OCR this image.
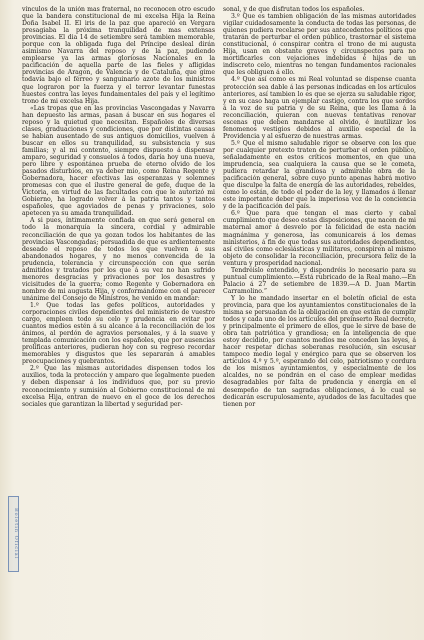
Boletín Oficial

vínculos de la unión mas fraternal, no reconocen otro escudo que la bandera constitucional de mi excelsa Hija la Reina Doña Isabel II. El iris de la paz que apareció en Vergara presagiaba la próxima tranquilidad de mas extensas provincias. El dia 14 de setiembre será tambien memorable, porque con la obligada fuga del Príncipe desleal dirán asimismo Navarra del reposo y de la paz, pudiendo emplearse ya las armas gloriosas Nacionales en la pacificación de aquella parte de las fieles y afligidas provincias de Aragon, de Valencia y de Cataluña, que gime todavía bajo el férreo y sanguinario azote de los ministros que lograron por la fuerza y el terror levantar funestas huestes contra las leyes fundamentales del país y el legítimo trono de mi excelsa Hija.

«Las tropas que en las provincias Vascongadas y Navarra han depuesto las armas, pasan á buscar en sus hogares el reposo y la quietud que necesitan. Españoles de diversas clases, graduaciones y condiciones, que por distintas causas se habian ausentado de sus antiguos domicilios, vuelven á buscar en ellos su tranquilidad, su subsistencia y sus familias; y al mi contento, siempre dispuesto á dispensar amparo, seguridad y consuelos á todos, daría hoy una nueva, pero libre y espontánea prueba de eterno olvido de los pasados disturbios, en ya deber mio, como Reina Regente y Gobernadora, hacer efectivas las esperanzas y solemnes promesas con que el ilustre general de gefe, duque de la Victoria, en virtud de las facultades con que le autorizó mi Gobierno, ha logrado volver á la patria tantos y tantos españoles, que agoviados de penas y privaciones, solo apetecen ya su amada tranquilidad.

A si pues, íntimamente confiada en que será general en todo la monarquía la sincera, cordial y admirable reconciliación de que ya gozan todos los habitantes de las provincias Vascongadas; persuadida de que es ardientemente deseado el reposo de todos los que vuelven á sus abandonados hogares, y no menos convencida de la prudencia, tolerancia y circunspección con que serán admitidos y tratados por los que á su vez no han sufrido menores desgracias y privaciones por los desastres y vicisitudes de la guerra; como Regente y Gobernadora en nombre de mi augusta Hija, y conformándome con el parecer unánime del Consejo de Ministros, he venido en mandar:

1.º Que todas las gefes políticos, autoridades y corporaciones civiles dependientes del ministerio de vuestro cargo, empleen todo su celo y prudencia en evitar por cuantos medios estén á su alcance á la reconciliación de los ánimos, al perdón de agravios personales, y á la suave y templada comunicación con los españoles, que por ausencias prolíficas anteriores, pudieran hoy con su regreso recordar memorables y disgustos que les separaran á amables preocupaciones y quebrantos.

2.º Que las mismas autoridades dispensen todos los auxilios, toda la protección y amparo que legalmente pueden y deben dispensar á los individuos que, por su previo reconocimiento y sumisión al Gobierno constitucional de mi excelsa Hija, entran de nuevo en el goce de los derechos sociales que garantizan la libertad y seguridad per-

sonal, y de que disfrutan todos los españoles.

3.º Que es tambien obligación de las mismas autoridades vigilar cuidadosamente la conducta de todas las personas, de quienes pudiera recelarse por sus antecedentes políticos que tratarán de perturbar el orden público, trastornar el sistema constitucional, ó conspirar contra el trono de mi augusta Hija, usan en obstante graves y circunspectos para no mortificarles con vejaciones indebidas é hijas de un indiscreto celo, mientras no tengan fundamentos racionales que les obliguen á ello.

4.º Que así como es mi Real voluntad se dispense cuanta protección sea dable á las personas indicadas en los artículos anteriores, así tambien lo es que se ejerza su saludable rigor, y en su caso haga un ejemplar castigo, contra los que sordos á la voz de su patria y de su Reina, que les llama á la reconciliación, quieran con nuevas tentativas renovar escenas que deben mandarse al olvido, é inutilizar los fenomenos vestigios debidos al auxilio especial de la Providencia y al esfuerzo de nuestras armas.

5.º Que el mismo saludable rigor se observe con los que por cualquier pretexto traten de perturbar el orden público, señaladamente en estos críticos momentos, en que una imprudencia, sea cualquiera la causa que se le cometa, pudiera retardar la grandiosa y admirable obra de la pacificación general, sobre cuyo punto apenas habrá motivo que disculpe la falta de energía de las autoridades, rebeldes, como lo están, de todo el poder de la ley, y llamados á llenar este importante deber que la imperiosa voz de la conciencia y de la pacificación del país.

6.º Que para que tengan el mas cierto y cabal cumplimiento que deseo estas disposiciones, que nacen de mi maternal amor á desvelo por la felicidad de esta nación magnánima y generosa, las comunicareis á los demas ministerios, á fin de que todas sus autoridades dependientes, así civiles como eclesiásticas y militares, conspiren al mismo objeto de consolidar la reconciliación, precursora feliz de la ventura y prosperidad nacional.

Tendréislo entendido, y dispondréis lo necesario para su puntual cumplimiento.—Está rubricado de la Real mano.—En Palacio á 27 de setiembre de 1839.—A D. Juan Martin Carramolino.”

Y lo he mandado insertar en el boletín oficial de esta provincia, para que los ayuntamientos constitucionales de la misma se persuadan de la obligación en que están de cumplir todos y cada uno de los artículos del preinserto Real decreto, y principalmente el primero de ellos, que le sirve de base de obra tan patriótica y grandiosa; en la inteligencia de que estoy decidido, por cuantos medios me conceden las leyes, á hacer respetar dichas soberanas resolución, sin escusar tampoco medio legal y enérgico para que se observen los artículos 4.º y 5.º, esperando del celo, patriotismo y cordura de los mismos ayuntamientos, y especialmente de los alcaldes, no se pondrán en el caso de emplear medidas desagradables por falta de prudencia y energía en el desempeño de tan sagradas obligaciones, á lo cual se dedicarán escrupulosamente, ayudados de las facultades que tienen por
